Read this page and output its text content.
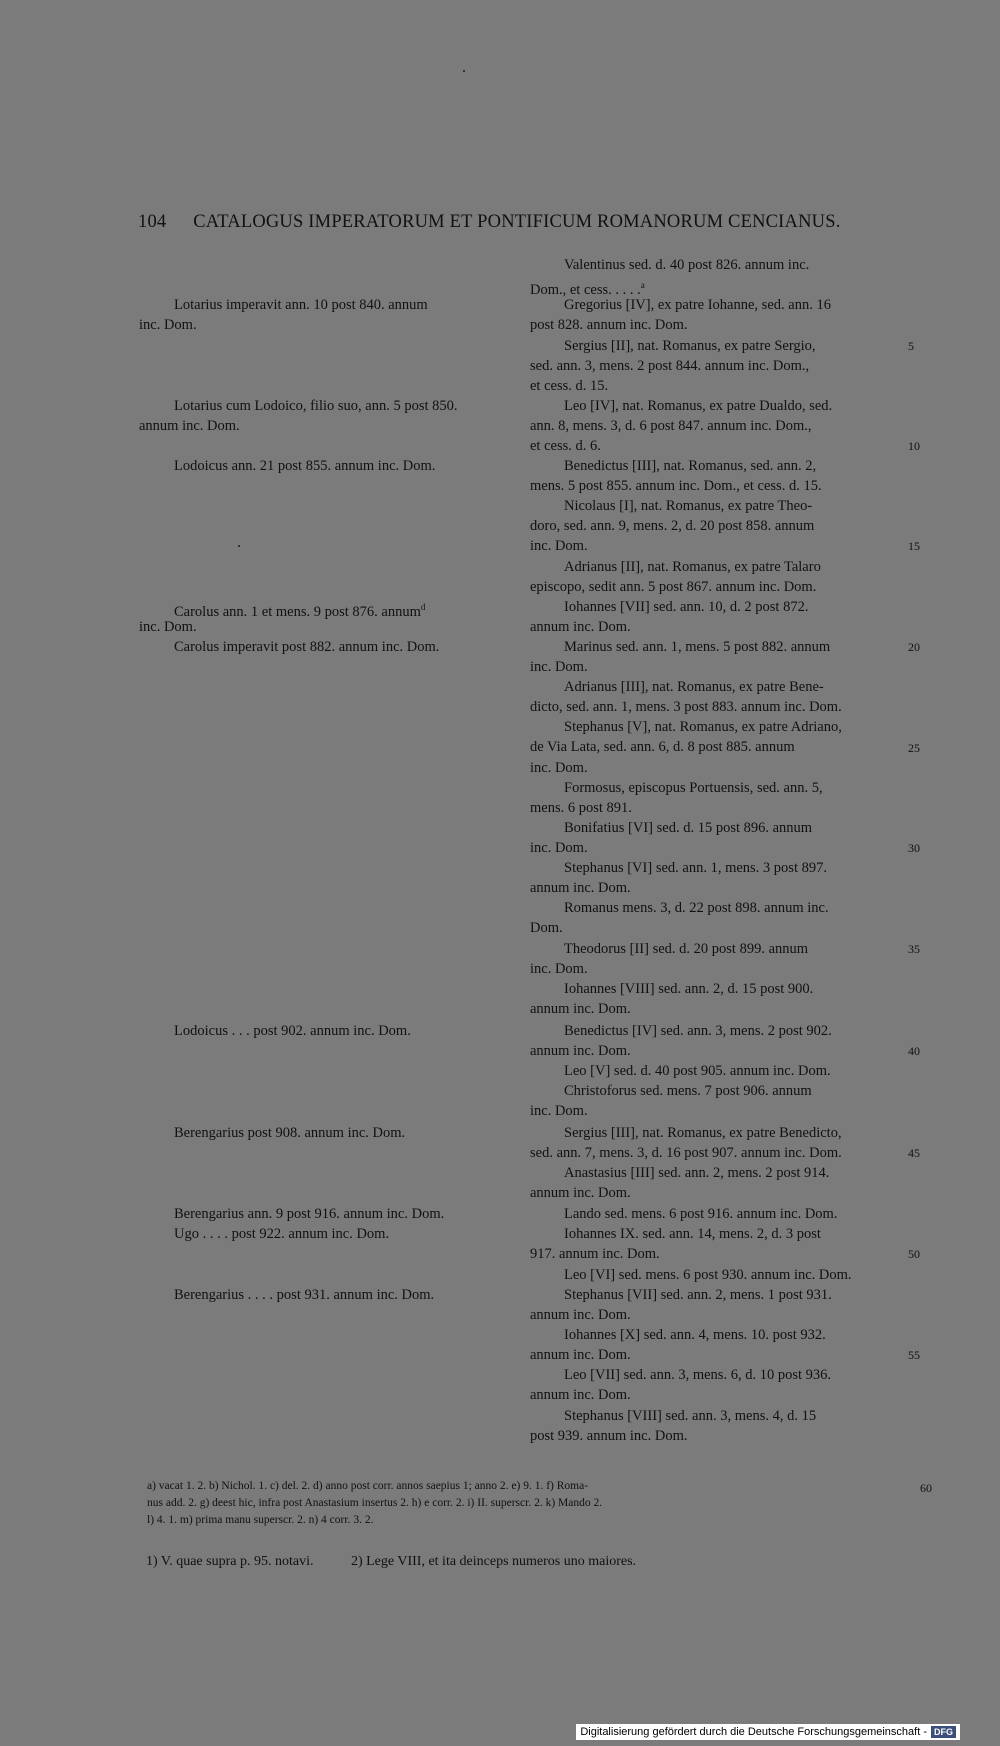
104 CATALOGUS IMPERATORUM ET PONTIFICUM ROMANORUM CENCIANUS.
Lotarius imperavit ann. 10 post 840. annum
inc. Dom.
Lotarius cum Lodoico, filio suo, ann. 5 post 850.
annum inc. Dom.
Lodoicus ann. 21 post 855. annum inc. Dom.
Carolus ann. 1 et mens. 9 post 876. annum$^d$
inc. Dom.
Carolus imperavit post 882. annum inc. Dom.
Lodoicus . . . post 902. annum inc. Dom.
Berengarius post 908. annum inc. Dom.
Berengarius ann. 9 post 916. annum inc. Dom.
Ugo . . . . post 922. annum inc. Dom.
Berengarius . . . . post 931. annum inc. Dom.
Valentinus sed. d. 40 post 826. annum inc.
Dom., et cess. . . . .$^a$
Gregorius [IV], ex patre Iohanne, sed. ann. 16
post 828. annum inc. Dom.
Sergius [II], nat. Romanus, ex patre Sergio,
sed. ann. 3, mens. 2 post 844. annum inc. Dom.,
et cess. d. 15.
Leo [IV], nat. Romanus, ex patre Dualdo, sed.
ann. 8, mens. 3, d. 6 post 847. annum inc. Dom.,
et cess. d. 6.
Benedictus [III], nat. Romanus, sed. ann. 2,
mens. 5 post 855. annum inc. Dom., et cess. d. 15.
Nicolaus [I], nat. Romanus, ex patre Theo-
doro, sed. ann. 9, mens. 2, d. 20 post 858. annum
inc. Dom.
Adrianus [II], nat. Romanus, ex patre Talaro
episcopo, sedit ann. 5 post 867. annum inc. Dom.
Iohannes [VII] sed. ann. 10, d. 2 post 872.
annum inc. Dom.
Marinus sed. ann. 1, mens. 5 post 882. annum
inc. Dom.
Adrianus [III], nat. Romanus, ex patre Bene-
dicto, sed. ann. 1, mens. 3 post 883. annum inc. Dom.
Stephanus [V], nat. Romanus, ex patre Adriano,
de Via Lata, sed. ann. 6, d. 8 post 885. annum
inc. Dom.
Formosus, episcopus Portuensis, sed. ann. 5,
mens. 6 post 891.
Bonifatius [VI] sed. d. 15 post 896. annum
inc. Dom.
Stephanus [VI] sed. ann. 1, mens. 3 post 897.
annum inc. Dom.
Romanus mens. 3, d. 22 post 898. annum inc.
Dom.
Theodorus [II] sed. d. 20 post 899. annum
inc. Dom.
Iohannes [VIII] sed. ann. 2, d. 15 post 900.
annum inc. Dom.
Benedictus [IV] sed. ann. 3, mens. 2 post 902.
annum inc. Dom.
Leo [V] sed. d. 40 post 905. annum inc. Dom.
Christoforus sed. mens. 7 post 906. annum
inc. Dom.
Sergius [III], nat. Romanus, ex patre Benedicto,
sed. ann. 7, mens. 3, d. 16 post 907. annum inc. Dom.
Anastasius [III] sed. ann. 2, mens. 2 post 914.
annum inc. Dom.
Lando sed. mens. 6 post 916. annum inc. Dom.
Iohannes IX. sed. ann. 14, mens. 2, d. 3 post
917. annum inc. Dom.
Leo [VI] sed. mens. 6 post 930. annum inc. Dom.
Stephanus [VII] sed. ann. 2, mens. 1 post 931.
annum inc. Dom.
Iohannes [X] sed. ann. 4, mens. 10. post 932.
annum inc. Dom.
Leo [VII] sed. ann. 3, mens. 6, d. 10 post 936.
annum inc. Dom.
Stephanus [VIII] sed. ann. 3, mens. 4, d. 15
post 939. annum inc. Dom.
5
10
15
20
25
30
35
40
45
50
55
a) vacat 1. 2. b) Nichol. 1. c) del. 2. d) anno post corr. annos saepius 1; anno 2. e) 9. 1. f) Roma-
nus add. 2. g) deest hic, infra post Anastasium insertus 2. h) e corr. 2. i) II. superscr. 2. k) Mando 2.
l) 4. 1. m) prima manu superscr. 2. n) 4 corr. 3. 2.
60
1) V. quae supra p. 95. notavi.	2) Lege VIII, et ita deinceps numeros uno maiores.
Digitalisierung gefördert durch die Deutsche Forschungsgemeinschaft - DFG
